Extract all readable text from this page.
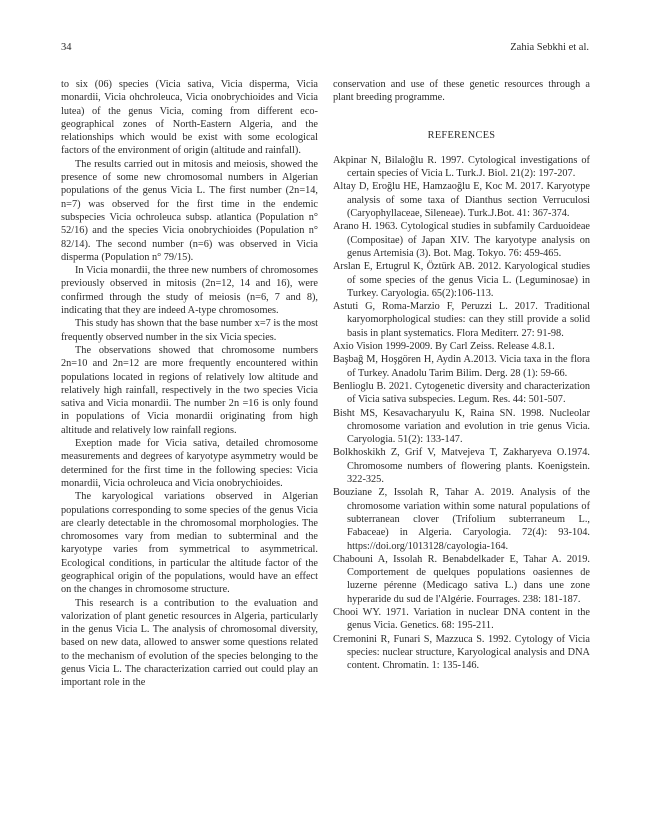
34	Zahia Sebkhi et al.

to six (06) species (Vicia sativa, Vicia disperma, Vicia monardii, Vicia ohchroleuca, Vicia onobrychioides and Vicia lutea) of the genus Vicia, coming from different eco-geographical zones of North-Eastern Algeria, and the relationships which would be exist with some ecological factors of the environment of origin (altitude and rainfall).

The results carried out in mitosis and meiosis, showed the presence of some new chromosomal numbers in Algerian populations of the genus Vicia L. The first number (2n=14, n=7) was observed for the first time in the endemic subspecies Vicia ochroleuca subsp. atlantica (Population n° 52/16) and the species Vicia onobrychioides (Population n° 82/14). The second number (n=6) was observed in Vicia disperma (Population n° 79/15).

In Vicia monardii, the three new numbers of chromosomes previously observed in mitosis (2n=12, 14 and 16), were confirmed through the study of meiosis (n=6, 7 and 8), indicating that they are indeed A-type chromosomes.

This study has shown that the base number x=7 is the most frequently observed number in the six Vicia species.

The observations showed that chromosome numbers 2n=10 and 2n=12 are more frequently encountered within populations located in regions of relatively low altitude and relatively high rainfall, respectively in the two species Vicia sativa and Vicia monardii. The number 2n =16 is only found in populations of Vicia monardii originating from high altitude and relatively low rainfall regions.

Exeption made for Vicia sativa, detailed chromosome measurements and degrees of karyotype asymmetry would be determined for the first time in the following species: Vicia monardii, Vicia ochroleuca and Vicia onobrychioides.

The karyological variations observed in Algerian populations corresponding to some species of the genus Vicia are clearly detectable in the chromosomal morphologies. The chromosomes vary from median to subterminal and the karyotype varies from symmetrical to asymmetrical. Ecological conditions, in particular the altitude factor of the geographical origin of the populations, would have an effect on the changes in chromosome structure.

This research is a contribution to the evaluation and valorization of plant genetic resources in Algeria, particularly in the genus Vicia L. The analysis of chromosomal diversity, based on new data, allowed to answer some questions related to the mechanism of evolution of the species belonging to the genus Vicia L. The characterization carried out could play an important role in the

conservation and use of these genetic resources through a plant breeding programme.

REFERENCES

Akpinar N, Bilaloğlu R. 1997. Cytological investigations of certain species of Vicia L. Turk.J. Biol. 21(2): 197-207.

Altay D, Eroğlu HE, Hamzaoğlu E, Koc M. 2017. Karyotype analysis of some taxa of Dianthus section Verruculosi (Caryophyllaceae, Sileneae). Turk.J.Bot. 41: 367-374.

Arano H. 1963. Cytological studies in subfamily Carduoideae (Compositae) of Japan XIV. The karyotype analysis on genus Artemisia (3). Bot. Mag. Tokyo. 76: 459-465.

Arslan E, Ertugrul K, Öztürk AB. 2012. Karyological studies of some species of the genus Vicia L. (Leguminosae) in Turkey. Caryologia. 65(2):106-113.

Astuti G, Roma-Marzio F, Peruzzi L. 2017. Traditional karyomorphological studies: can they still provide a solid basis in plant systematics. Flora Mediterr. 27: 91-98.

Axio Vision 1999-2009. By Carl Zeiss. Release 4.8.1.

Başbağ M, Hoşgören H, Aydin A.2013. Vicia taxa in the flora of Turkey. Anadolu Tarim Bilim. Derg. 28 (1): 59-66.

Benlioglu B. 2021. Cytogenetic diversity and characterization of Vicia sativa subspecies. Legum. Res. 44: 501-507.

Bisht MS, Kesavacharyulu K, Raina SN. 1998. Nucleolar chromosome variation and evolution in trie genus Vicia. Caryologia. 51(2): 133-147.

Bolkhoskikh Z, Grif V, Matvejeva T, Zakharyeva O.1974. Chromosome numbers of flowering plants. Koenigstein. 322-325.

Bouziane Z, Issolah R, Tahar A. 2019. Analysis of the chromosome variation within some natural populations of subterranean clover (Trifolium subterraneum L., Fabaceae) in Algeria. Caryologia. 72(4): 93-104. https://doi.org/1013128/cayologia-164.

Chabouni A, Issolah R. Benabdelkader E, Tahar A. 2019. Comportement de quelques populations oasiennes de luzerne pérenne (Medicago sativa L.) dans une zone hyperaride du sud de l'Algérie. Fourrages. 238: 181-187.

Chooi WY. 1971. Variation in nuclear DNA content in the genus Vicia. Genetics. 68: 195-211.

Cremonini R, Funari S, Mazzuca S. 1992. Cytology of Vicia species: nuclear structure, Karyological analysis and DNA content. Chromatin. 1: 135-146.
